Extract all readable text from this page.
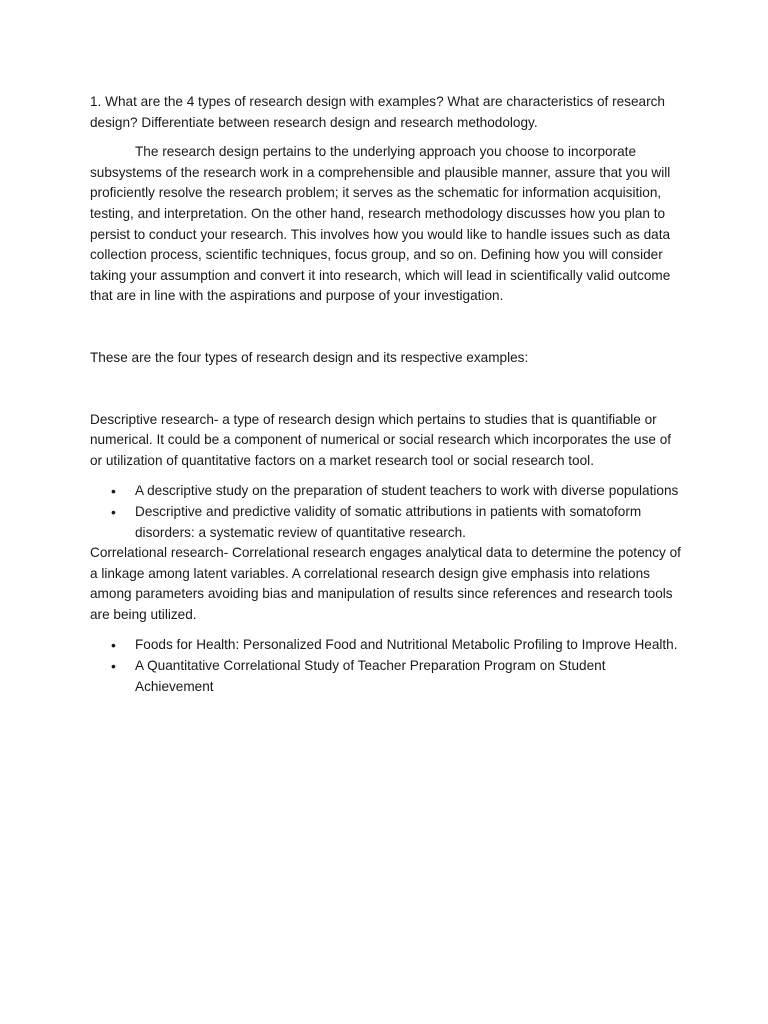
1. What are the 4 types of research design with examples? What are characteristics of research design? Differentiate between research design and research methodology.

The research design pertains to the underlying approach you choose to incorporate subsystems of the research work in a comprehensible and plausible manner, assure that you will proficiently resolve the research problem; it serves as the schematic for information acquisition, testing, and interpretation. On the other hand, research methodology discusses how you plan to persist to conduct your research. This involves how you would like to handle issues such as data collection process, scientific techniques, focus group, and so on. Defining how you will consider taking your assumption and convert it into research, which will lead in scientifically valid outcome that are in line with the aspirations and purpose of your investigation.

These are the four types of research design and its respective examples:

Descriptive research- a type of research design which pertains to studies that is quantifiable or numerical. It could be a component of numerical or social research which incorporates the use of or utilization of quantitative factors on a market research tool or social research tool.

• A descriptive study on the preparation of student teachers to work with diverse populations
• Descriptive and predictive validity of somatic attributions in patients with somatoform disorders: a systematic review of quantitative research.

Correlational research- Correlational research engages analytical data to determine the potency of a linkage among latent variables. A correlational research design give emphasis into relations among parameters avoiding bias and manipulation of results since references and research tools are being utilized.

• Foods for Health: Personalized Food and Nutritional Metabolic Profiling to Improve Health.
• A Quantitative Correlational Study of Teacher Preparation Program on Student Achievement
